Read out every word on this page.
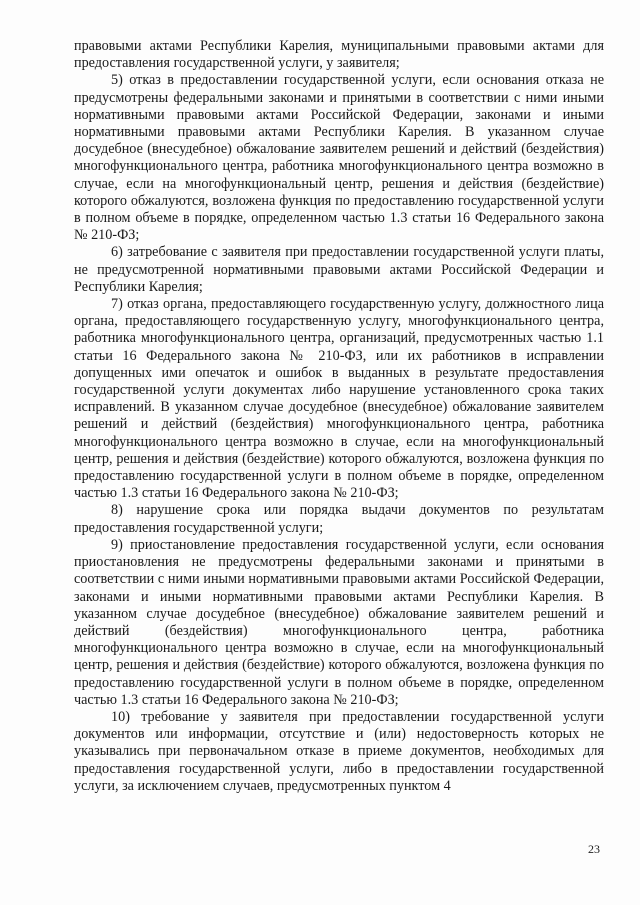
правовыми актами Республики Карелия, муниципальными правовыми актами для предоставления государственной услуги, у заявителя;

5) отказ в предоставлении государственной услуги, если основания отказа не предусмотрены федеральными законами и принятыми в соответствии с ними иными нормативными правовыми актами Российской Федерации, законами и иными нормативными правовыми актами Республики Карелия. В указанном случае досудебное (внесудебное) обжалование заявителем решений и действий (бездействия) многофункционального центра, работника многофункционального центра возможно в случае, если на многофункциональный центр, решения и действия (бездействие) которого обжалуются, возложена функция по предоставлению государственной услуги в полном объеме в порядке, определенном частью 1.3 статьи 16 Федерального закона № 210-ФЗ;

6) затребование с заявителя при предоставлении государственной услуги платы, не предусмотренной нормативными правовыми актами Российской Федерации и Республики Карелия;

7) отказ органа, предоставляющего государственную услугу, должностного лица органа, предоставляющего государственную услугу, многофункционального центра, работника многофункционального центра, организаций, предусмотренных частью 1.1 статьи 16 Федерального закона № 210-ФЗ, или их работников в исправлении допущенных ими опечаток и ошибок в выданных в результате предоставления государственной услуги документах либо нарушение установленного срока таких исправлений. В указанном случае досудебное (внесудебное) обжалование заявителем решений и действий (бездействия) многофункционального центра, работника многофункционального центра возможно в случае, если на многофункциональный центр, решения и действия (бездействие) которого обжалуются, возложена функция по предоставлению государственной услуги в полном объеме в порядке, определенном частью 1.3 статьи 16 Федерального закона № 210-ФЗ;

8) нарушение срока или порядка выдачи документов по результатам предоставления государственной услуги;

9) приостановление предоставления государственной услуги, если основания приостановления не предусмотрены федеральными законами и принятыми в соответствии с ними иными нормативными правовыми актами Российской Федерации, законами и иными нормативными правовыми актами Республики Карелия. В указанном случае досудебное (внесудебное) обжалование заявителем решений и действий (бездействия) многофункционального центра, работника многофункционального центра возможно в случае, если на многофункциональный центр, решения и действия (бездействие) которого обжалуются, возложена функция по предоставлению государственной услуги в полном объеме в порядке, определенном частью 1.3 статьи 16 Федерального закона № 210-ФЗ;

10) требование у заявителя при предоставлении государственной услуги документов или информации, отсутствие и (или) недостоверность которых не указывались при первоначальном отказе в приеме документов, необходимых для предоставления государственной услуги, либо в предоставлении государственной услуги, за исключением случаев, предусмотренных пунктом 4

23
